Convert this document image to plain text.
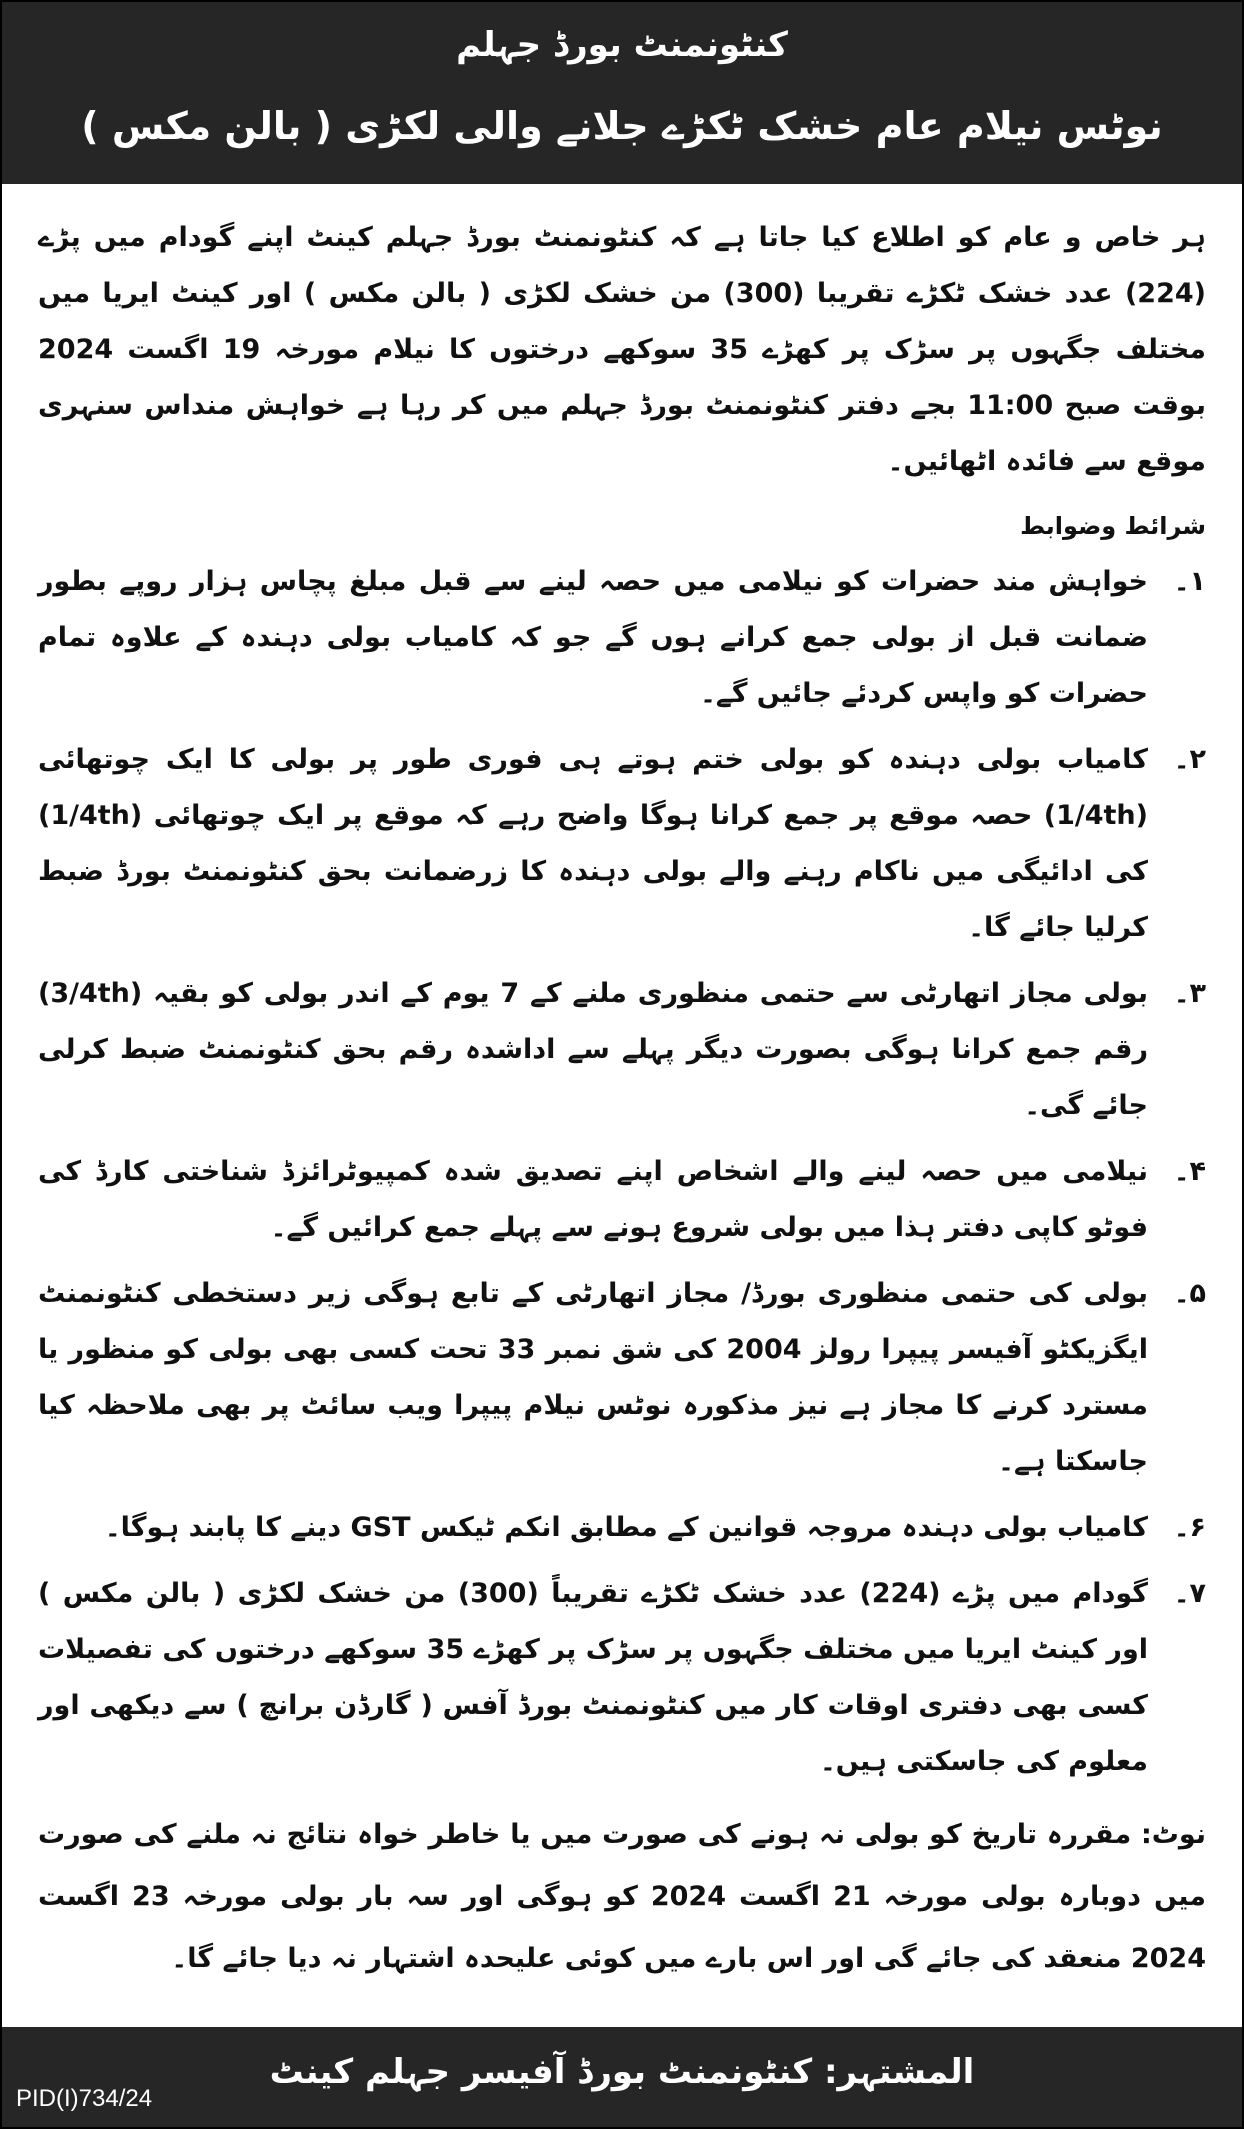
کنٹونمنٹ بورڈ جہلم
نوٹس نیلام عام خشک ٹکڑے جلانے والی لکڑی ( بالن مکس )

ہر خاص و عام کو اطلاع کیا جاتا ہے کہ کنٹونمنٹ بورڈ جہلم کینٹ اپنے گودام میں پڑے (224) عدد خشک ٹکڑے تقریبا (300) من خشک لکڑی ( بالن مکس ) اور کینٹ ایریا میں مختلف جگہوں پر سڑک پر کھڑے 35 سوکھے درختوں کا نیلام مورخہ 19 اگست 2024 بوقت صبح 11:00 بجے دفتر کنٹونمنٹ بورڈ جہلم میں کر رہا ہے خواہش منداس سنہری موقع سے فائدہ اٹھائیں۔

شرائط وضوابط

۱۔

خواہش مند حضرات کو نیلامی میں حصہ لینے سے قبل مبلغ پچاس ہزار روپے بطور ضمانت قبل از بولی جمع کرانے ہوں گے جو کہ کامیاب بولی دہندہ کے علاوہ تمام حضرات کو واپس کردئے جائیں گے۔

۲۔

کامیاب بولی دہندہ کو بولی ختم ہوتے ہی فوری طور پر بولی کا ایک چوتھائی (1/4th) حصہ موقع پر جمع کرانا ہوگا واضح رہے کہ موقع پر ایک چوتھائی (1/4th) کی ادائیگی میں ناکام رہنے والے بولی دہندہ کا زرضمانت بحق کنٹونمنٹ بورڈ ضبط کرلیا جائے گا۔

۳۔

بولی مجاز اتھارٹی سے حتمی منظوری ملنے کے 7 یوم کے اندر بولی کو بقیہ (3/4th) رقم جمع کرانا ہوگی بصورت دیگر پہلے سے اداشدہ رقم بحق کنٹونمنٹ ضبط کرلی جائے گی۔

۴۔

نیلامی میں حصہ لینے والے اشخاص اپنے تصدیق شدہ کمپیوٹرائزڈ شناختی کارڈ کی فوٹو کاپی دفتر ہذا میں بولی شروع ہونے سے پہلے جمع کرائیں گے۔

۵۔

بولی کی حتمی منظوری بورڈ/ مجاز اتھارٹی کے تابع ہوگی زیر دستخطی کنٹونمنٹ ایگزیکٹو آفیسر پیپرا رولز 2004 کی شق نمبر 33 تحت کسی بھی بولی کو منظور یا مسترد کرنے کا مجاز ہے نیز مذکورہ نوٹس نیلام پیپرا ویب سائٹ پر بھی ملاحظہ کیا جاسکتا ہے۔

۶۔

کامیاب بولی دہندہ مروجہ قوانین کے مطابق انکم ٹیکس GST دینے کا پابند ہوگا۔

۷۔

گودام میں پڑے (224) عدد خشک ٹکڑے تقریباً (300) من خشک لکڑی ( بالن مکس ) اور کینٹ ایریا میں مختلف جگہوں پر سڑک پر کھڑے 35 سوکھے درختوں کی تفصیلات کسی بھی دفتری اوقات کار میں کنٹونمنٹ بورڈ آفس ( گارڈن برانچ ) سے دیکھی اور معلوم کی جاسکتی ہیں۔

نوٹ: مقررہ تاریخ کو بولی نہ ہونے کی صورت میں یا خاطر خواہ نتائج نہ ملنے کی صورت میں دوبارہ بولی مورخہ 21 اگست 2024 کو ہوگی اور سہ بار بولی مورخہ 23 اگست 2024 منعقد کی جائے گی اور اس بارے میں کوئی علیحدہ اشتہار نہ دیا جائے گا۔

المشتہر: کنٹونمنٹ بورڈ آفیسر جہلم کینٹ
PID(I)734/24
